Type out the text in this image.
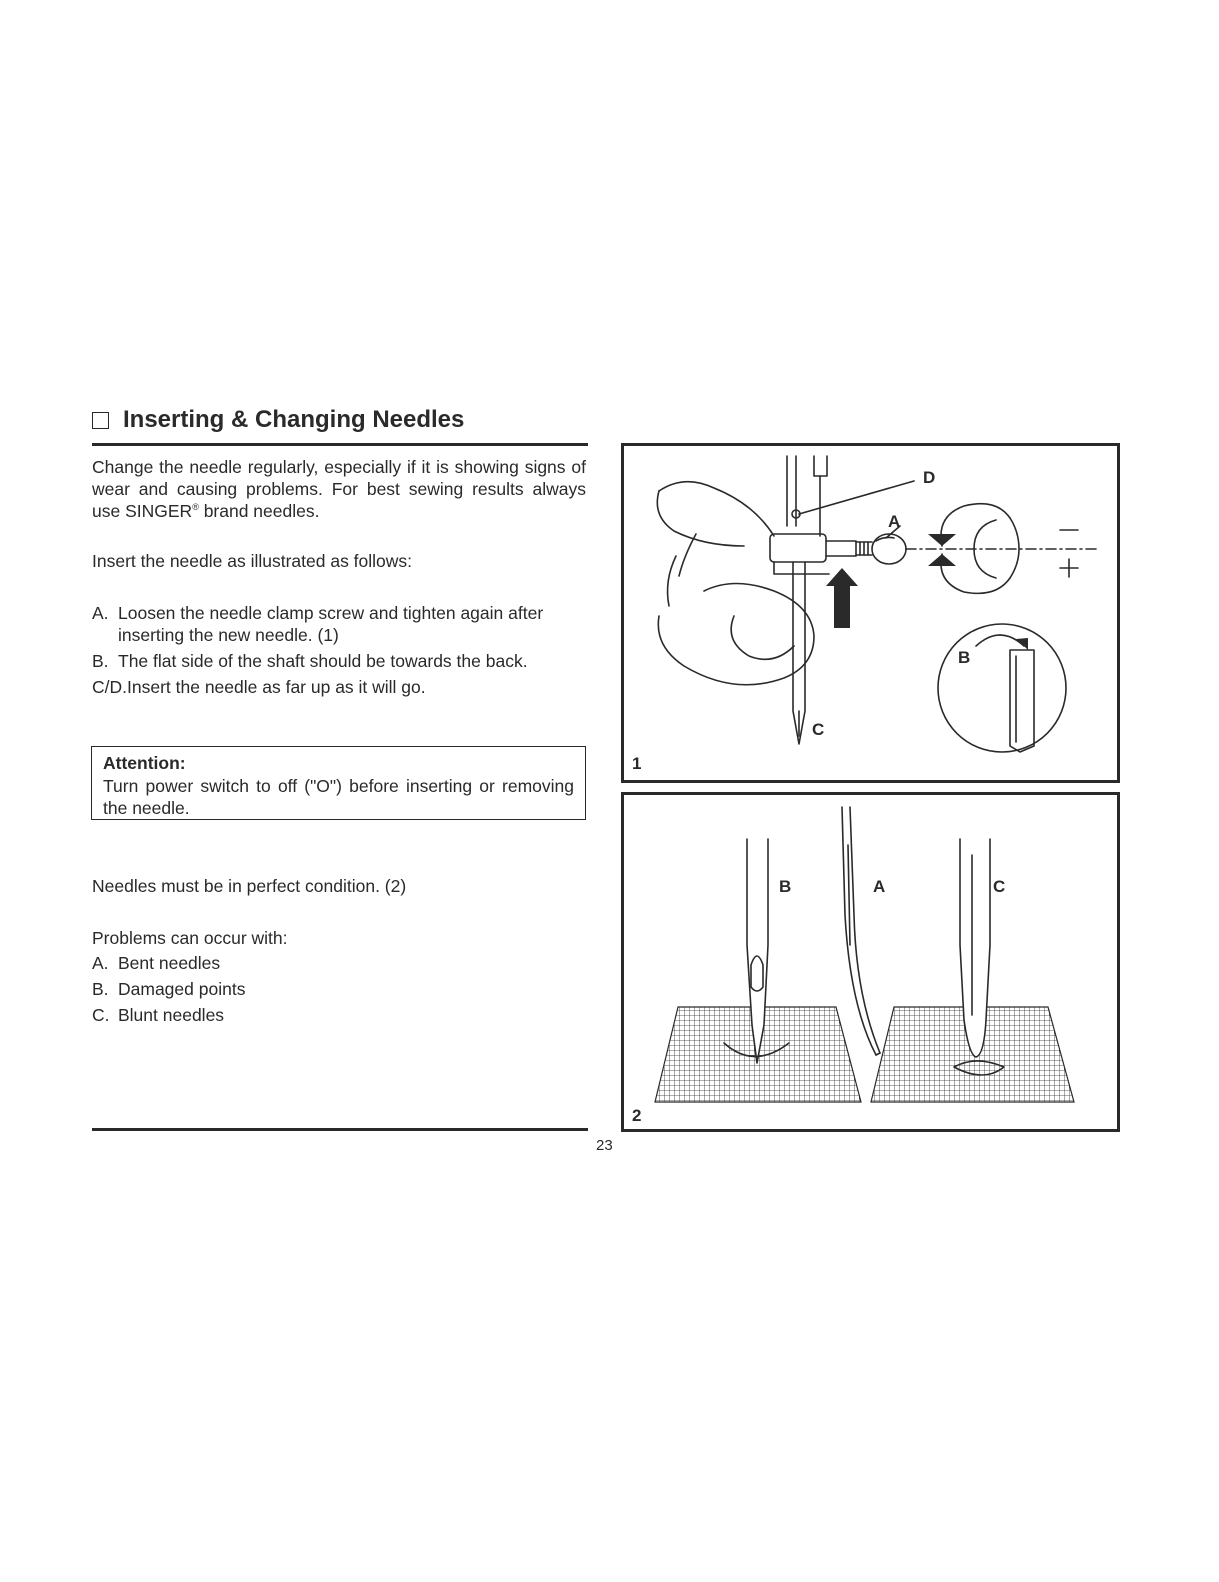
Inserting & Changing Needles
Change the needle regularly, especially if it is showing signs of wear and causing problems. For best sewing results always use SINGER® brand needles.
Insert the needle as illustrated as follows:
A. Loosen the needle clamp screw and tighten again after inserting the new needle. (1)
B. The flat side of the shaft should be towards the back.
C/D. Insert the needle as far up as it will go.
Attention:
Turn power switch to off ("O") before inserting or removing the needle.
Needles must be in perfect condition. (2)
Problems can occur with:
A. Bent needles
B. Damaged points
C. Blunt needles
D
A
B
C
1
B	A	C
2
23
